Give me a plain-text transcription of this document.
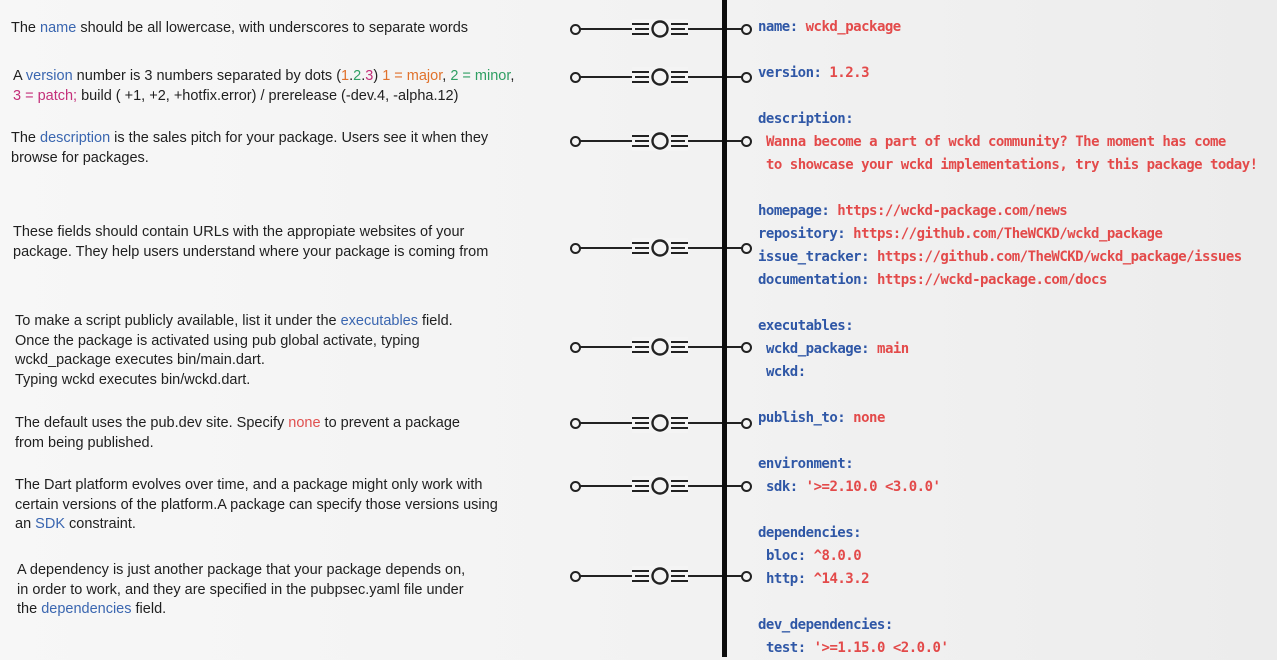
The name should be all lowercase, with underscores to separate words

A version number is 3 numbers separated by dots (1.2.3) 1 = major, 2 = minor,
3 = patch; build ( +1, +2, +hotfix.error) / prerelease (-dev.4, -alpha.12)

The description is the sales pitch for your package. Users see it when they
browse for packages.

These fields should contain URLs with the appropiate websites of your
package. They help users understand where your package is coming from

To make a script publicly available, list it under the executables field.
Once the package is activated using pub global activate, typing
wckd_package executes bin/main.dart.
Typing wckd executes bin/wckd.dart.

The default uses the pub.dev site. Specify none to prevent a package
from being published.

The Dart platform evolves over time, and a package might only work with
certain versions of the platform.A package can specify those versions using
an SDK constraint.

A dependency is just another package that your package depends on,
in order to work, and they are specified in the pubpsec.yaml file under
the dependencies field.

name: wckd_package
version: 1.2.3
description:
Wanna become a part of wckd community? The moment has come
to showcase your wckd implementations, try this package today!
homepage: https://wckd-package.com/news
repository: https://github.com/TheWCKD/wckd_package
issue_tracker: https://github.com/TheWCKD/wckd_package/issues
documentation: https://wckd-package.com/docs
executables:
wckd_package: main
wckd:
publish_to: none
environment:
sdk: '>=2.10.0 <3.0.0'
dependencies:
bloc: ^8.0.0
http: ^14.3.2
dev_dependencies:
test: '>=1.15.0 <2.0.0'
